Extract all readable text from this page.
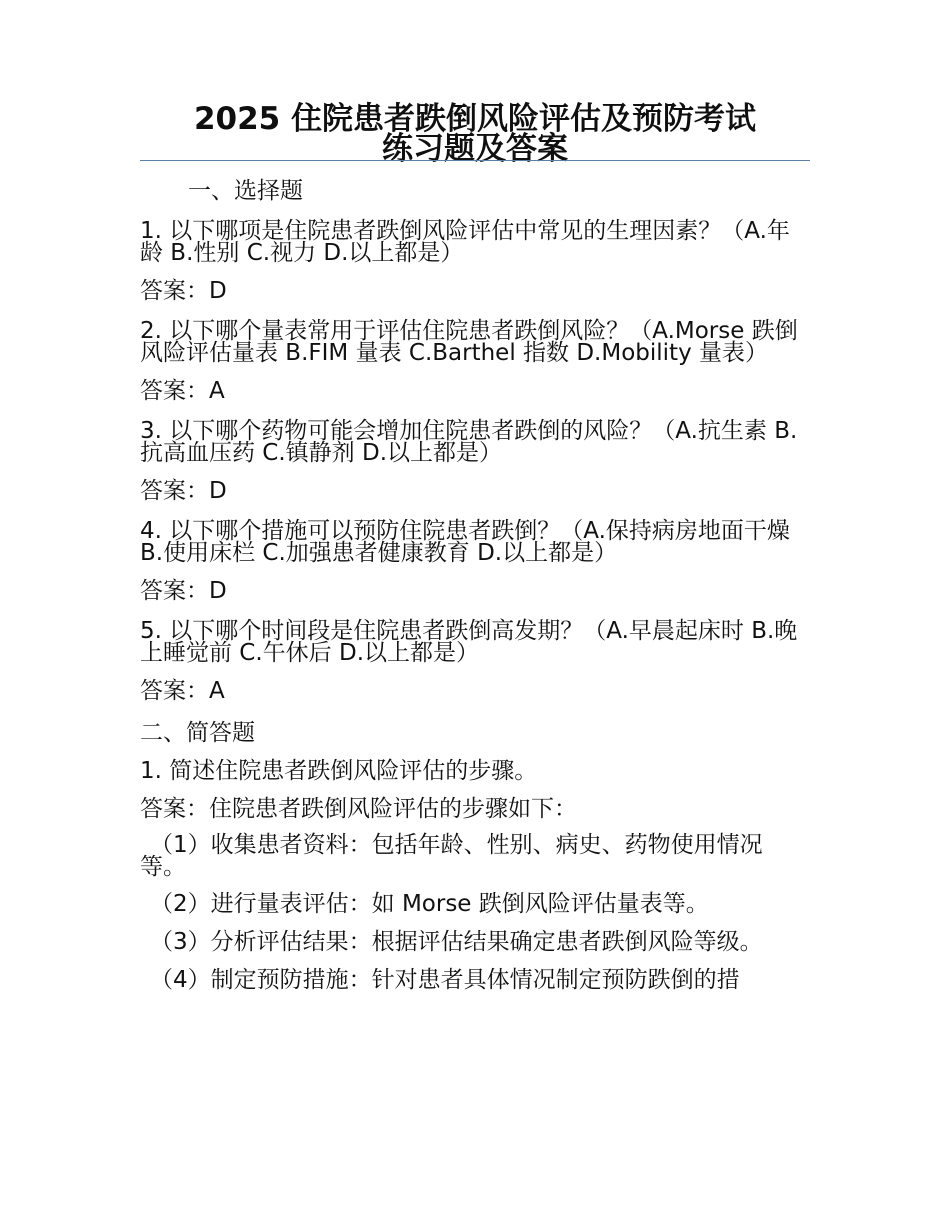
2025 住院患者跌倒风险评估及预防考试
练习题及答案
一、选择题
1. 以下哪项是住院患者跌倒风险评估中常见的生理因素？（A.年龄 B.性别 C.视力 D.以上都是）
答案：D
2. 以下哪个量表常用于评估住院患者跌倒风险？（A.Morse 跌倒风险评估量表 B.FIM 量表 C.Barthel 指数 D.Mobility 量表）
答案：A
3. 以下哪个药物可能会增加住院患者跌倒的风险？（A.抗生素 B.抗高血压药 C.镇静剂 D.以上都是）
答案：D
4. 以下哪个措施可以预防住院患者跌倒？（A.保持病房地面干燥 B.使用床栏 C.加强患者健康教育 D.以上都是）
答案：D
5. 以下哪个时间段是住院患者跌倒高发期？（A.早晨起床时 B.晚上睡觉前 C.午休后 D.以上都是）
答案：A
二、简答题
1. 简述住院患者跌倒风险评估的步骤。
答案：住院患者跌倒风险评估的步骤如下：
（1）收集患者资料：包括年龄、性别、病史、药物使用情况等。
（2）进行量表评估：如 Morse 跌倒风险评估量表等。
（3）分析评估结果：根据评估结果确定患者跌倒风险等级。
（4）制定预防措施：针对患者具体情况制定预防跌倒的措
